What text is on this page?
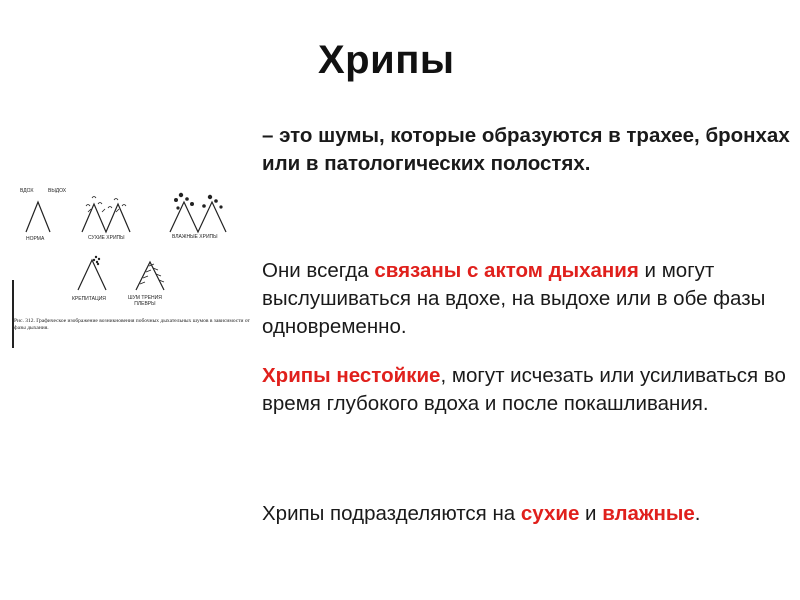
Хрипы
ВДОХ	ВЫДОХ
НОРМА	СУХИЕ ХРИПЫ	ВЛАЖНЫЕ ХРИПЫ
КРЕПИТАЦИЯ	ШУМ ТРЕНИЯ
ПЛЕВРЫ
Рис. 312. Графическое изображение возникновения побочных дыхательных шумов в зависимости от фазы дыхания.
– это шумы, которые образуются в трахее, бронхах или в патологических полостях.
Они всегда связаны с актом дыхания и могут выслушиваться на вдохе, на выдохе или в обе фазы одновременно.
Хрипы нестойкие, могут исчезать или усиливаться во время глубокого вдоха и после покашливания.
Хрипы подразделяются на сухие и влажные.
